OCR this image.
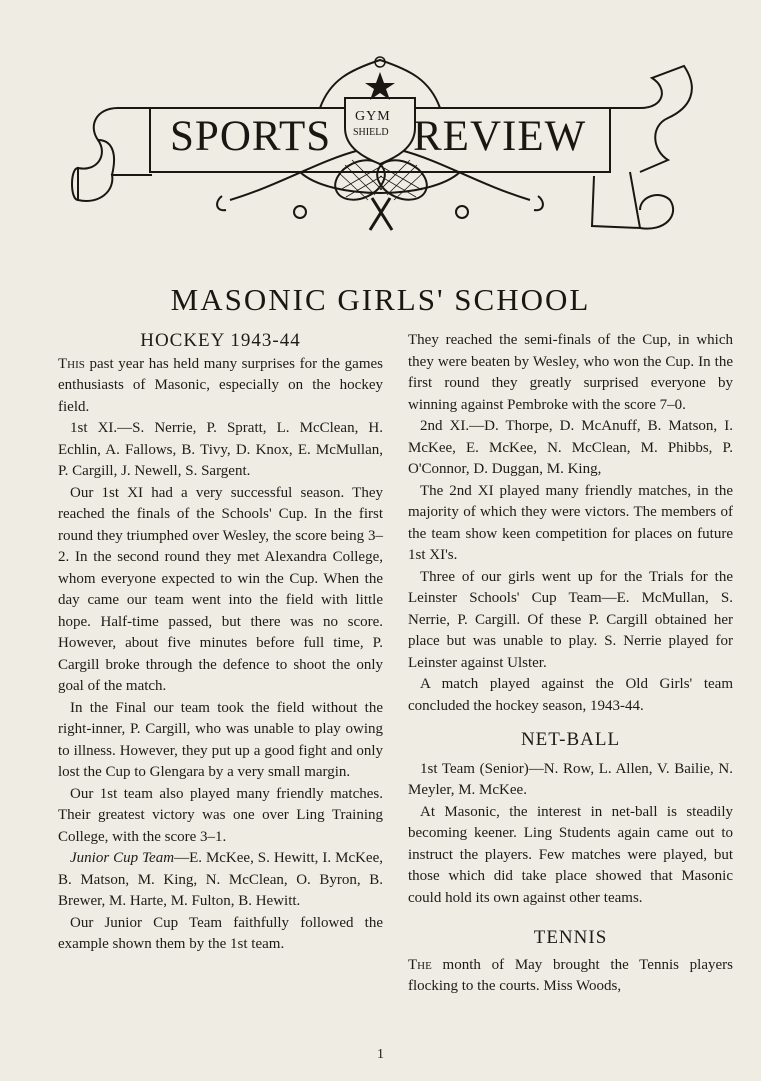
SPORTS REVIEW
GYM
SHIELD
MASONIC GIRLS' SCHOOL
HOCKEY 1943-44

This past year has held many surprises for the games enthusiasts of Masonic, especially on the hockey field.

1st XI.—S. Nerrie, P. Spratt, L. McClean, H. Echlin, A. Fallows, B. Tivy, D. Knox, E. McMullan, P. Cargill, J. Newell, S. Sargent.

Our 1st XI had a very successful season. They reached the finals of the Schools' Cup. In the first round they triumphed over Wesley, the score being 3–2. In the second round they met Alexandra College, whom everyone expected to win the Cup. When the day came our team went into the field with little hope. Half-time passed, but there was no score. However, about five minutes before full time, P. Cargill broke through the defence to shoot the only goal of the match.

In the Final our team took the field without the right-inner, P. Cargill, who was unable to play owing to illness. However, they put up a good fight and only lost the Cup to Glengara by a very small margin.

Our 1st team also played many friendly matches. Their greatest victory was one over Ling Training College, with the score 3–1.

Junior Cup Team—E. McKee, S. Hewitt, I. McKee, B. Matson, M. King, N. McClean, O. Byron, B. Brewer, M. Harte, M. Fulton, B. Hewitt.

Our Junior Cup Team faithfully followed the example shown them by the 1st team.

They reached the semi-finals of the Cup, in which they were beaten by Wesley, who won the Cup. In the first round they greatly surprised everyone by winning against Pembroke with the score 7–0.

2nd XI.—D. Thorpe, D. McAnuff, B. Matson, I. McKee, E. McKee, N. McClean, M. Phibbs, P. O'Connor, D. Duggan, M. King,

The 2nd XI played many friendly matches, in the majority of which they were victors. The members of the team show keen competition for places on future 1st XI's.

Three of our girls went up for the Trials for the Leinster Schools' Cup Team—E. McMullan, S. Nerrie, P. Cargill. Of these P. Cargill obtained her place but was unable to play. S. Nerrie played for Leinster against Ulster.

A match played against the Old Girls' team concluded the hockey season, 1943-44.

NET-BALL

1st Team (Senior)—N. Row, L. Allen, V. Bailie, N. Meyler, M. McKee.

At Masonic, the interest in net-ball is steadily becoming keener. Ling Students again came out to instruct the players. Few matches were played, but those which did take place showed that Masonic could hold its own against other teams.

TENNIS

The month of May brought the Tennis players flocking to the courts. Miss Woods,

1
